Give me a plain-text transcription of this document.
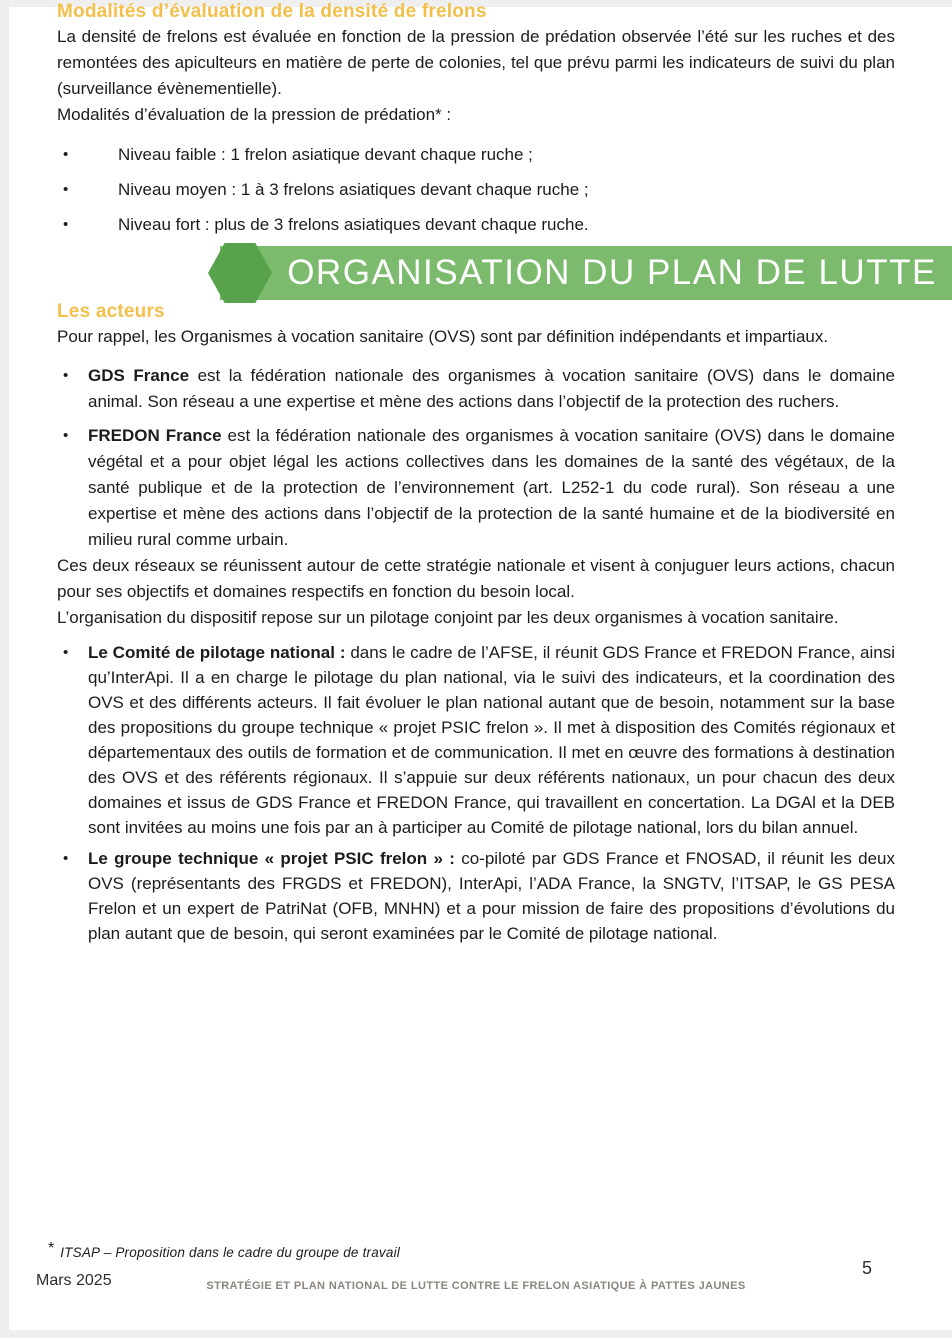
Modalités d’évaluation de la densité de frelons

La densité de frelons est évaluée en fonction de la pression de prédation observée l’été sur les ruches et des remontées des apiculteurs en matière de perte de colonies, tel que prévu parmi les indicateurs de suivi du plan (surveillance évènementielle).

Modalités d’évaluation de la pression de prédation* :

• Niveau faible : 1 frelon asiatique devant chaque ruche ;
• Niveau moyen : 1 à 3 frelons asiatiques devant chaque ruche ;
• Niveau fort : plus de 3 frelons asiatiques devant chaque ruche.
ORGANISATION DU PLAN DE LUTTE
Les acteurs

Pour rappel, les Organismes à vocation sanitaire (OVS) sont par définition indépendants et impartiaux.

• GDS France est la fédération nationale des organismes à vocation sanitaire (OVS) dans le domaine animal. Son réseau a une expertise et mène des actions dans l’objectif de la protection des ruchers.
• FREDON France est la fédération nationale des organismes à vocation sanitaire (OVS) dans le domaine végétal et a pour objet légal les actions collectives dans les domaines de la santé des végétaux, de la santé publique et de la protection de l’environnement (art. L252-1 du code rural). Son réseau a une expertise et mène des actions dans l’objectif de la protection de la santé humaine et de la biodiversité en milieu rural comme urbain.

Ces deux réseaux se réunissent autour de cette stratégie nationale et visent à conjuguer leurs actions, chacun pour ses objectifs et domaines respectifs en fonction du besoin local.

L’organisation du dispositif repose sur un pilotage conjoint par les deux organismes à vocation sanitaire.

• Le Comité de pilotage national : dans le cadre de l’AFSE, il réunit GDS France et FREDON France, ainsi qu’InterApi. Il a en charge le pilotage du plan national, via le suivi des indicateurs, et la coordination des OVS et des différents acteurs. Il fait évoluer le plan national autant que de besoin, notamment sur la base des propositions du groupe technique « projet PSIC frelon ». Il met à disposition des Comités régionaux et départementaux des outils de formation et de communication. Il met en œuvre des formations à destination des OVS et des référents régionaux. Il s’appuie sur deux référents nationaux, un pour chacun des deux domaines et issus de GDS France et FREDON France, qui travaillent en concertation. La DGAl et la DEB sont invitées au moins une fois par an à participer au Comité de pilotage national, lors du bilan annuel.
• Le groupe technique « projet PSIC frelon » : co-piloté par GDS France et FNOSAD, il réunit les deux OVS (représentants des FRGDS et FREDON), InterApi, l’ADA France, la SNGTV, l’ITSAP, le GS PESA Frelon et un expert de PatriNat (OFB, MNHN) et a pour mission de faire des propositions d’évolutions du plan autant que de besoin, qui seront examinées par le Comité de pilotage national.
* ITSAP – Proposition dans le cadre du groupe de travail
Mars 2025	STRATÉGIE ET PLAN NATIONAL DE LUTTE CONTRE LE FRELON ASIATIQUE À PATTES JAUNES
5
